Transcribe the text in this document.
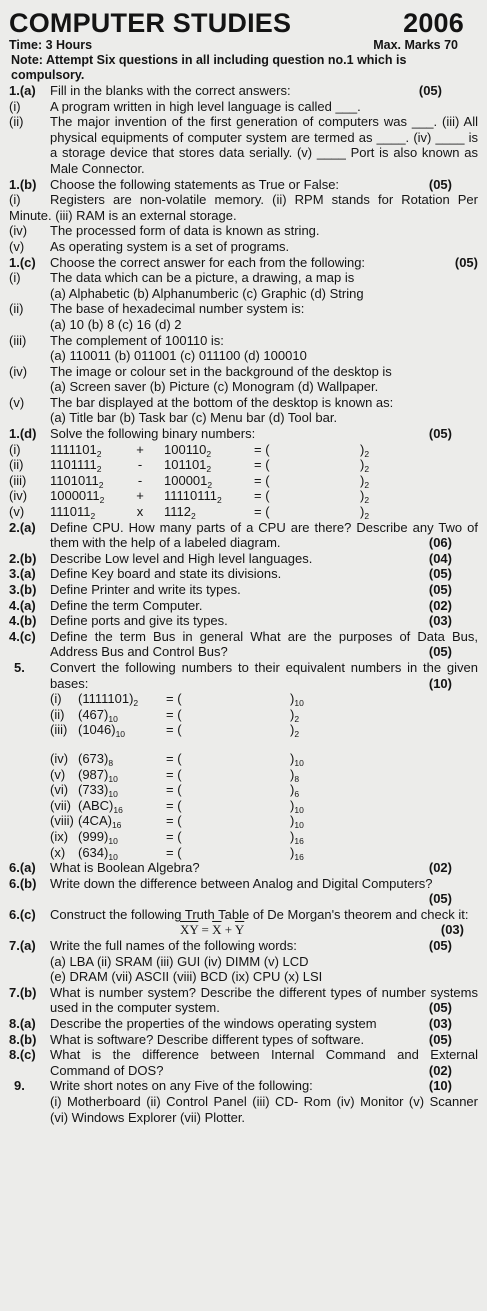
COMPUTER STUDIES	2006
Time: 3 Hours	Max. Marks 70
Note: Attempt Six questions in all including question no.1 which is compulsory.
1.(a)	Fill in the blanks with the correct answers:	(05)
(i)	A program written in high level language is called ___.
(ii)	The major invention of the first generation of computers was ___. (iii) All physical equipments of computer system are termed as ____. (iv) ____ is a storage device that stores data serially. (v) ____ Port is also known as Male Connector.
1.(b)	Choose the following statements as True or False:	(05)
(i) Registers are non-volatile memory. (ii) RPM stands for Rotation Per Minute. (iii) RAM is an external storage.
(iv)	The processed form of data is known as string.
(v)	As operating system is a set of programs.
1.(c)	Choose the correct answer for each from the following:	(05)
(i)	The data which can be a picture, a drawing, a map is
(a) Alphabetic (b) Alphanumberic (c) Graphic (d) String
(ii)	The base of hexadecimal number system is:
(a) 10 (b) 8 (c) 16 (d) 2
(iii)	The complement of 100110 is:
(a) 110011 (b) 011001 (c) 011100 (d) 100010
(iv)	The image or colour set in the background of the desktop is
(a) Screen saver (b) Picture (c) Monogram (d) Wallpaper.
(v)	The bar displayed at the bottom of the desktop is known as:
(a) Title bar (b) Task bar (c) Menu bar (d) Tool bar.
1.(d)	Solve the following binary numbers:	(05)
(i)	$1111101_2$	+	$100110_2$	= (	)$_2$
(ii)	$1101111_2$	-	$101101_2$	= (	)$_2$
(iii)	$1101011_2$	-	$100001_2$	= (	)$_2$
(iv)	$1000011_2$	+	$11110111_2$	= (	)$_2$
(v)	$111011_2$	x	$1112_2$	= (	)$_2$
2.(a)	Define CPU. How many parts of a CPU are there? Describe any Two of them with the help of a labeled diagram.	(06)
2.(b)	Describe Low level and High level languages.	(04)
3.(a)	Define Key board and state its divisions.	(05)
3.(b)	Define Printer and write its types.	(05)
4.(a)	Define the term Computer.	(02)
4.(b)	Define ports and give its types.	(03)
4.(c)	Define the term Bus in general What are the purposes of Data Bus, Address Bus and Control Bus?	(05)
5.	Convert the following numbers to their equivalent numbers in the given bases:	(10)
(i)	$(1111101)_2$	= (	)$_{10}$
(ii)	$(467)_{10}$	= (	)$_2$
(iii) $(1046)_{10}$	= (	)$_2$
(iv) $(673)_8$	= (	)$_{10}$
(v) $(987)_{10}$	= (	)$_8$
(vi) $(733)_{10}$	= (	)$_6$
(vii) $(ABC)_{16}$	= (	)$_{10}$
(viii) $(4CA)_{16}$	= (	)$_{10}$
(ix) $(999)_{10}$	= (	)$_{16}$
(x) $(634)_{10}$	= (	)$_{16}$
6.(a)	What is Boolean Algebra?	(02)
6.(b)	Write down the difference between Analog and Digital Computers?
(05)
6.(c)	Construct the following Truth Table of De Morgan's theorem and check it:
$\overline{XY} = \overline{X} + \overline{Y}$	(03)
7.(a)	Write the full names of the following words:	(05)
(a) LBA (ii) SRAM (iii) GUI (iv) DIMM (v) LCD
(e) DRAM (vii) ASCII (viii) BCD (ix) CPU (x) LSI
7.(b)	What is number system? Describe the different types of number systems used in the computer system.	(05)
8.(a)	Describe the properties of the windows operating system	(03)
8.(b)	What is software? Describe different types of software.	(05)
8.(c)	What is the difference between Internal Command and External Command of DOS?	(02)
9.	Write short notes on any Five of the following:	(10)
(i) Motherboard (ii) Control Panel (iii) CD- Rom (iv) Monitor (v) Scanner (vi) Windows Explorer (vii) Plotter.
